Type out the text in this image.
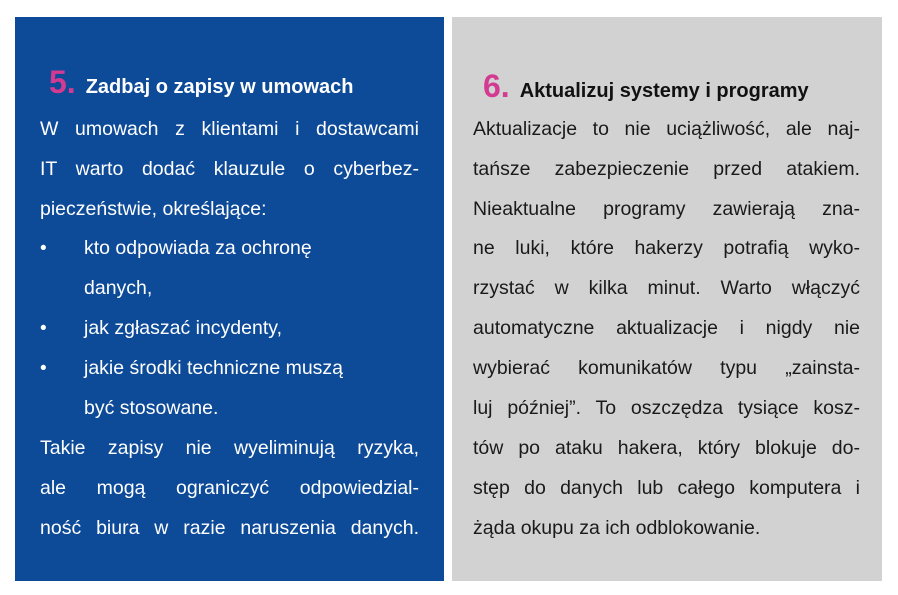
5. Zadbaj o zapisy w umowach
W umowach z klientami i dostawcami
IT warto dodać klauzule o cyberbez-
pieczeństwie, określające:
• kto odpowiada za ochronę
danych,
• jak zgłaszać incydenty,
• jakie środki techniczne muszą
być stosowane.
Takie zapisy nie wyeliminują ryzyka,
ale mogą ograniczyć odpowiedzial-
ność biura w razie naruszenia danych.
6. Aktualizuj systemy i programy
Aktualizacje to nie uciążliwość, ale naj-
tańsze zabezpieczenie przed atakiem.
Nieaktualne programy zawierają zna-
ne luki, które hakerzy potrafią wyko-
rzystać w kilka minut. Warto włączyć
automatyczne aktualizacje i nigdy nie
wybierać komunikatów typu „zainsta-
luj później”. To oszczędza tysiące kosz-
tów po ataku hakera, który blokuje do-
stęp do danych lub całego komputera i
żąda okupu za ich odblokowanie.
